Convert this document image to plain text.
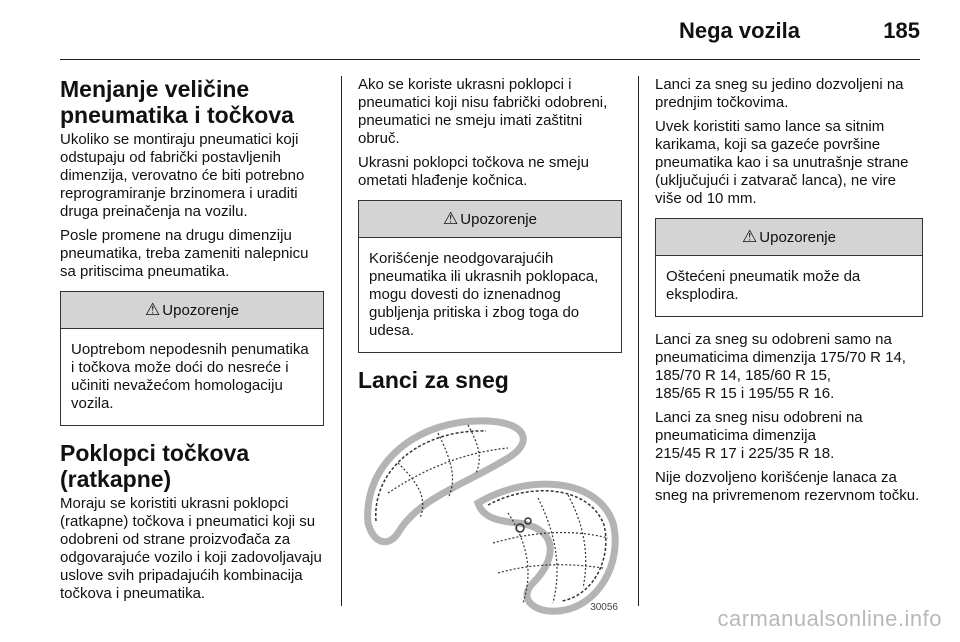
Nega vozila	185
Menjanje veličine
pneumatika i točkova

Ukoliko se montiraju pneumatici koji odstupaju od fabrički postavljenih dimenzija, verovatno će biti potrebno reprogramiranje brzinomera i uraditi druga preinačenja na vozilu.

Posle promene na drugu dimenziju pneumatika, treba zameniti nalepnicu sa pritiscima pneumatika.

⚠ Upozorenje
Uoptrebom nepodesnih penumatika i točkova može doći do nesreće i učiniti nevažećom homologaciju vozila.
Poklopci točkova
(ratkapne)

Moraju se koristiti ukrasni poklopci (ratkapne) točkova i pneumatici koji su odobreni od strane proizvođača za odgovarajuće vozilo i koji zadovoljavaju uslove svih pripadajućih kombinacija točkova i pneumatika.

Ako se koriste ukrasni poklopci i pneumatici koji nisu fabrički odobreni, pneumatici ne smeju imati zaštitni obruč.

Ukrasni poklopci točkova ne smeju ometati hlađenje kočnica.

⚠ Upozorenje
Korišćenje neodgovarajućih pneumatika ili ukrasnih poklopaca, mogu dovesti do iznenadnog gubljenja pritiska i zbog toga do udesa.
Lanci za sneg
30056

Lanci za sneg su jedino dozvoljeni na prednjim točkovima.

Uvek koristiti samo lance sa sitnim karikama, koji sa gazeće površine pneumatika kao i sa unutrašnje strane (uključujući i zatvarač lanca), ne vire više od 10 mm.

⚠ Upozorenje
Oštećeni pneumatik može da eksplodira.

Lanci za sneg su odobreni samo na pneumaticima dimenzija 175/70 R 14, 185/70 R 14, 185/60 R 15,
185/65 R 15 i 195/55 R 16.

Lanci za sneg nisu odobreni na pneumaticima dimenzija
215/45 R 17 i 225/35 R 18.

Nije dozvoljeno korišćenje lanaca za sneg na privremenom rezervnom točku.

carmanualsonline.info
